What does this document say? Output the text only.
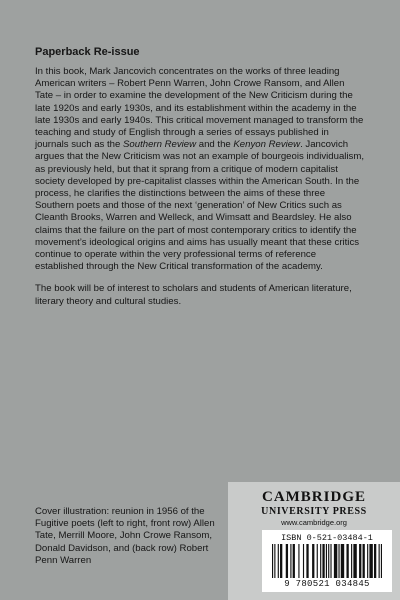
Paperback Re-issue

In this book, Mark Jancovich concentrates on the works of three leading American writers – Robert Penn Warren, John Crowe Ransom, and Allen Tate – in order to examine the development of the New Criticism during the late 1920s and early 1930s, and its establishment within the academy in the late 1930s and early 1940s. This critical movement managed to transform the teaching and study of English through a series of essays published in journals such as the Southern Review and the Kenyon Review. Jancovich argues that the New Criticism was not an example of bourgeois individualism, as previously held, but that it sprang from a critique of modern capitalist society developed by pre-capitalist classes within the American South. In the process, he clarifies the distinctions between the aims of these three Southern poets and those of the next ‘generation’ of New Critics such as Cleanth Brooks, Warren and Welleck, and Wimsatt and Beardsley. He also claims that the failure on the part of most contemporary critics to identify the movement’s ideological origins and aims has usually meant that these critics continue to operate within the very professional terms of reference established through the New Critical transformation of the academy.

The book will be of interest to scholars and students of American literature, literary theory and cultural studies.

Cover illustration: reunion in 1956 of the Fugitive poets (left to right, front row) Allen Tate, Merrill Moore, John Crowe Ransom, Donald Davidson, and (back row) Robert Penn Warren
CAMBRIDGE
UNIVERSITY PRESS
www.cambridge.org
ISBN 0-521-03484-1
9 780521 034845
